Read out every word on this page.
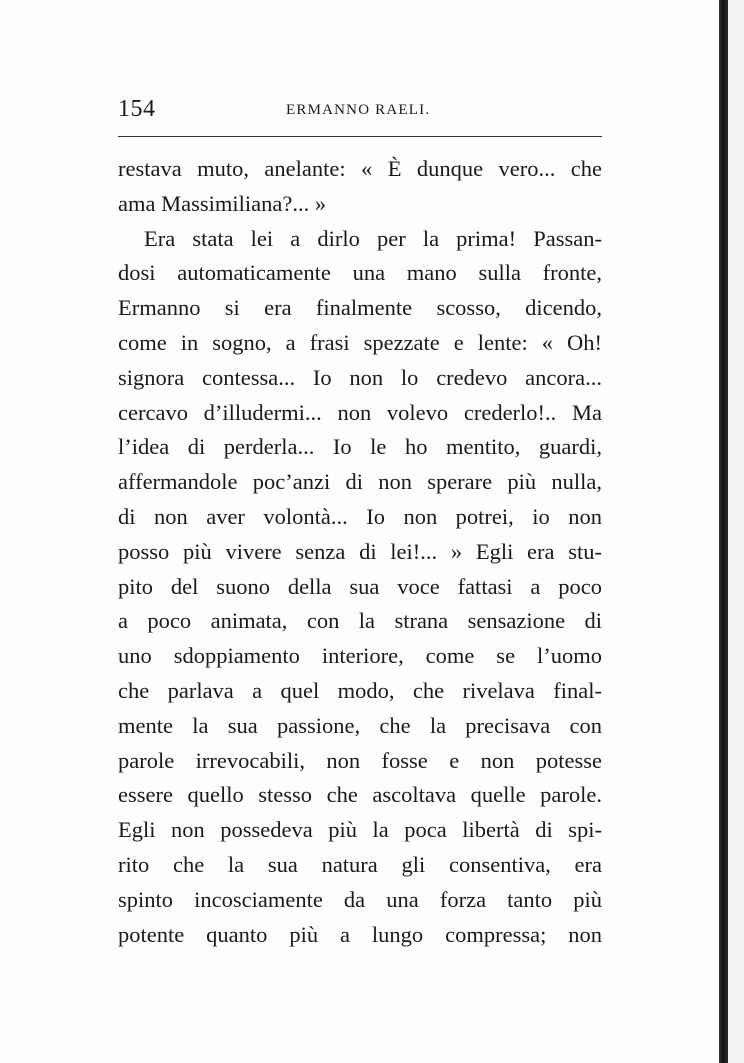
154	ERMANNO RAELI.
restava muto, anelante: « È dunque vero... che
ama Massimiliana?... »
Era stata lei a dirlo per la prima! Passan-
dosi automaticamente una mano sulla fronte,
Ermanno si era finalmente scosso, dicendo,
come in sogno, a frasi spezzate e lente: « Oh!
signora contessa... Io non lo credevo ancora...
cercavo d’illudermi... non volevo crederlo!.. Ma
l’idea di perderla... Io le ho mentito, guardi,
affermandole poc’anzi di non sperare più nulla,
di non aver volontà... Io non potrei, io non
posso più vivere senza di lei!... » Egli era stu-
pito del suono della sua voce fattasi a poco
a poco animata, con la strana sensazione di
uno sdoppiamento interiore, come se l’uomo
che parlava a quel modo, che rivelava final-
mente la sua passione, che la precisava con
parole irrevocabili, non fosse e non potesse
essere quello stesso che ascoltava quelle parole.
Egli non possedeva più la poca libertà di spi-
rito che la sua natura gli consentiva, era
spinto incosciamente da una forza tanto più
potente quanto più a lungo compressa; non
